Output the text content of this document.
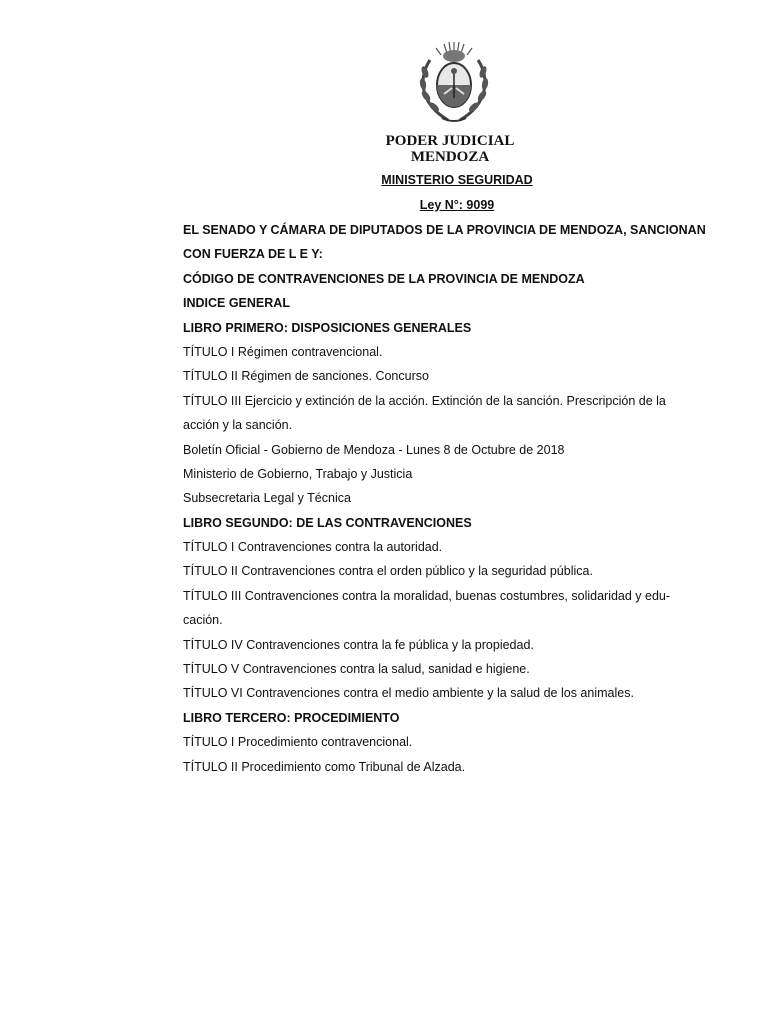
PODER JUDICIAL
MENDOZA
MINISTERIO SEGURIDAD
Ley N°: 9099
EL SENADO Y CÁMARA DE DIPUTADOS DE LA PROVINCIA DE MENDOZA, SANCIONAN
CON FUERZA DE L E Y:
CÓDIGO DE CONTRAVENCIONES DE LA PROVINCIA DE MENDOZA
INDICE GENERAL
LIBRO PRIMERO: DISPOSICIONES GENERALES
TÍTULO I Régimen contravencional.
TÍTULO II Régimen de sanciones. Concurso
TÍTULO III Ejercicio y extinción de la acción. Extinción de la sanción. Prescripción de la
acción y la sanción.
Boletín Oficial - Gobierno de Mendoza - Lunes 8 de Octubre de 2018
Ministerio de Gobierno, Trabajo y Justicia
Subsecretaria Legal y Técnica
LIBRO SEGUNDO: DE LAS CONTRAVENCIONES
TÍTULO I Contravenciones contra la autoridad.
TÍTULO II Contravenciones contra el orden público y la seguridad pública.
TÍTULO III Contravenciones contra la moralidad, buenas costumbres, solidaridad y edu-
cación.
TÍTULO IV Contravenciones contra la fe pública y la propiedad.
TÍTULO V Contravenciones contra la salud, sanidad e higiene.
TÍTULO VI Contravenciones contra el medio ambiente y la salud de los animales.
LIBRO TERCERO: PROCEDIMIENTO
TÍTULO I Procedimiento contravencional.
TÍTULO II Procedimiento como Tribunal de Alzada.
